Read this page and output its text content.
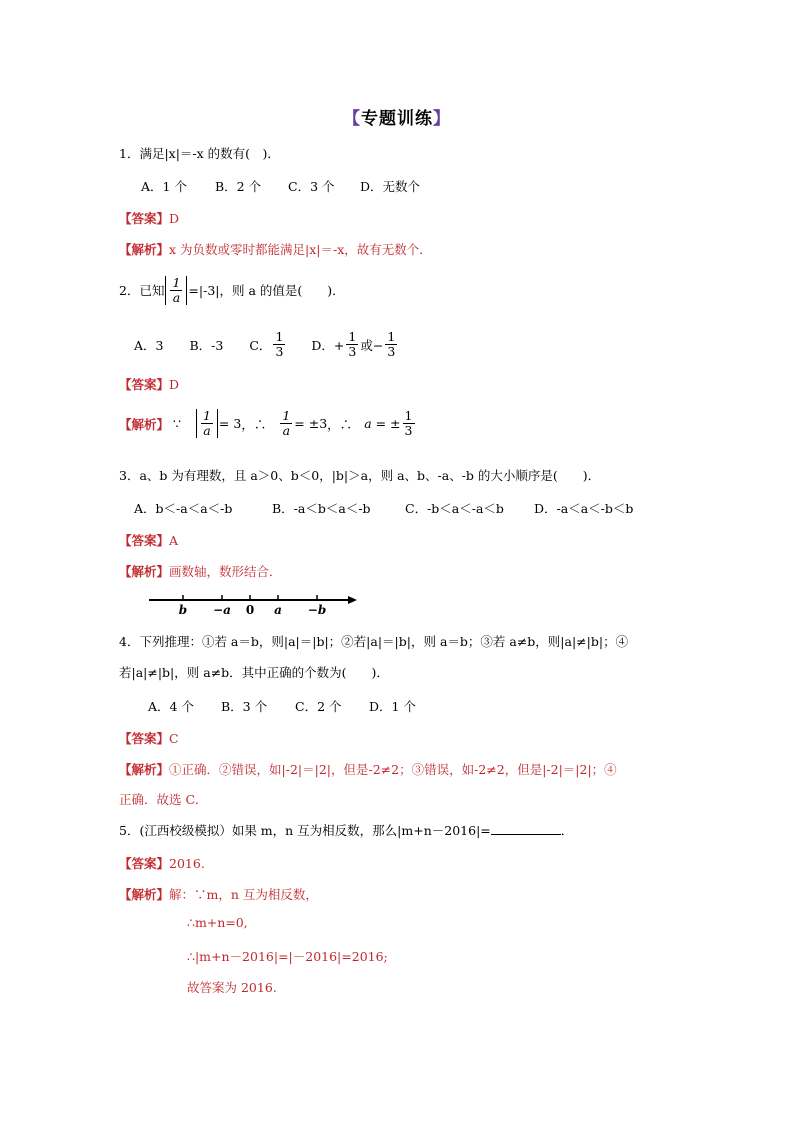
【专题训练】
1．满足|x|＝-x 的数有(　)．
A．1 个 B．2 个 C．3 个 D．无数个
【答案】D
【解析】x 为负数或零时都能满足|x|＝-x，故有无数个．
2．已知 $\frac{1}{a} =|-3|$ ，则 a 的值是(　　)．
A．3 B．-3 C． $\frac{1}{3}$ D．+ $\frac{1}{3}$ 或− $\frac{1}{3}$
【答案】D
【解析】 ∵ $\frac{1}{a} = 3$ ，∴ $\frac{1}{a} = \pm 3$ ，∴ a = ± $\frac{1}{3}$
3．a、b 为有理数，且 a＞0、b＜0，|b|＞a，则 a、b、-a、-b 的大小顺序是(　　)．
A．b＜-a＜a＜-b	B．-a＜b＜a＜-b	C．-b＜a＜-a＜b D．-a＜a＜-b＜b
【答案】A
【解析】画数轴，数形结合．
b −a 0 a −b
4．下列推理：①若 a＝b，则|a|＝|b|；②若|a|＝|b|，则 a＝b；③若 a≠b，则|a|≠|b|；④
若|a|≠|b|，则 a≠b．其中正确的个数为(　　)．
A．4 个 B．3 个 C．2 个 D．1 个
【答案】C
【解析】①正确．②错误，如|-2|＝|2|，但是-2≠2；③错误，如-2≠2，但是|-2|＝|2|；④
正确．故选 C．
5．(江西校级模拟）如果 m，n 互为相反数，那么|m+n－2016|=	．
【答案】2016.
【解析】解：∵m，n 互为相反数，
∴m+n=0,
∴|m+n－2016|=|－2016|=2016;
故答案为 2016.
